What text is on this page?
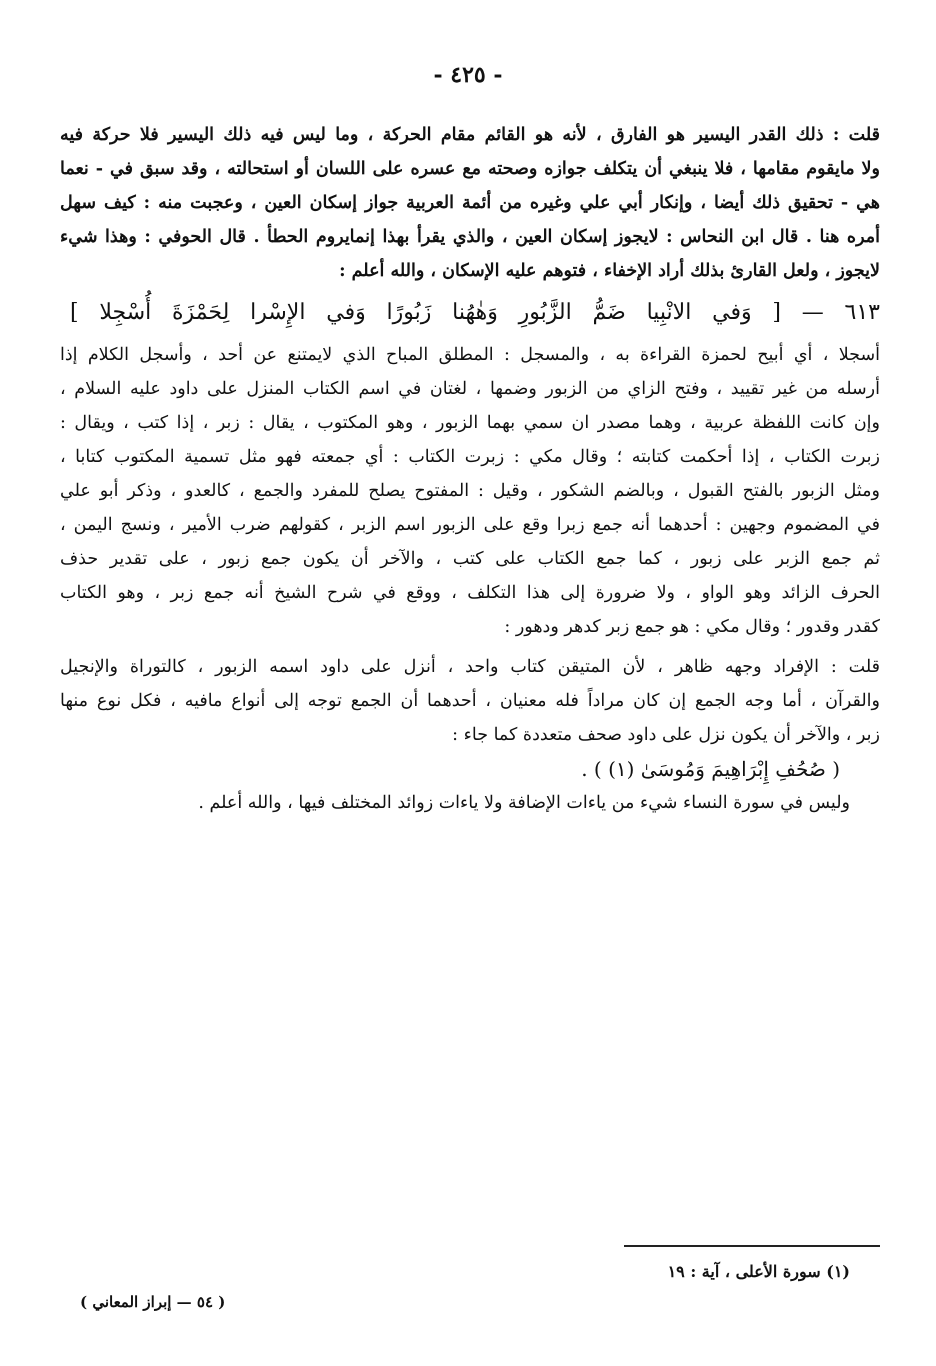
- ٤٢٥ -
قلت : ذلك القدر اليسير هو الفارق ، لأنه هو القائم مقام الحركة ، وما ليس فيه ذلك اليسير فلا حركة فيه
ولا مايقوم مقامها ، فلا ينبغي أن يتكلف جوازه وصحته مع عسره على اللسان أو استحالته ، وقد سبق في - نعما
هي - تحقيق ذلك أيضا ، وإنكار أبي علي وغيره من أئمة العربية جواز إسكان العين ، وعجبت منه : كيف سهل
أمره هنا . قال ابن النحاس : لايجوز إسكان العين ، والذي يقرأ بهذا إنمايروم الحطأ . قال الحوفي : وهذا شيء
لايجوز ، ولعل القارئ بذلك أراد الإخفاء ، فتوهم عليه الإسكان ، والله أعلم :
٦١٣ — [ وَفي الانْبِيا ضَمُّ الزَّبُورِ وَهٰهُنا زَبُورًا وَفي الإِسْرا لِحَمْزَةَ أُسْجِلا ]
أسجلا ، أي أبيح لحمزة القراءة به ، والمسجل : المطلق المباح الذي لايمتنع عن أحد ، وأسجل الكلام إذا
أرسله من غير تقييد ، وفتح الزاي من الزبور وضمها ، لغتان في اسم الكتاب المنزل على داود عليه السلام ،
وإن كانت اللفظة عربية ، وهما مصدر ان سمي بهما الزبور ، وهو المكتوب ، يقال : زبر ، إذا كتب ، ويقال :
زبرت الكتاب ، إذا أحكمت كتابته ؛ وقال مكي : زبرت الكتاب : أي جمعته فهو مثل تسمية المكتوب كتابا ،
ومثل الزبور بالفتح القبول ، وبالضم الشكور ، وقيل : المفتوح يصلح للمفرد والجمع ، كالعدو ، وذكر أبو علي
في المضموم وجهين : أحدهما أنه جمع زبرا وقع على الزبور اسم الزبر ، كقولهم ضرب الأمير ، ونسج اليمن ،
ثم جمع الزبر على زبور ، كما جمع الكتاب على كتب ، والآخر أن يكون جمع زبور ، على تقدير حذف
الحرف الزائد وهو الواو ، ولا ضرورة إلى هذا التكلف ، ووقع في شرح الشيخ أنه جمع زبر ، وهو الكتاب
كقدر وقدور ؛ وقال مكي : هو جمع زبر كدهر ودهور :
قلت : الإفراد وجهه ظاهر ، لأن المتيقن كتاب واحد ، أنزل على داود اسمه الزبور ، كالتوراة والإنجيل
والقرآن ، أما وجه الجمع إن كان مراداً فله معنيان ، أحدهما أن الجمع توجه إلى أنواع مافيه ، فكل نوع منها
زبر ، والآخر أن يكون نزل على داود صحف متعددة كما جاء :
( صُحُفِ إِبْرَاهِيمَ وَمُوسَىٰ (١) ) .
وليس في سورة النساء شيء من ياءات الإضافة ولا ياءات زوائد المختلف فيها ، والله أعلم .
(١) سورة الأعلى ، آية : ١٩
( ٥٤ — إبراز المعاني )
